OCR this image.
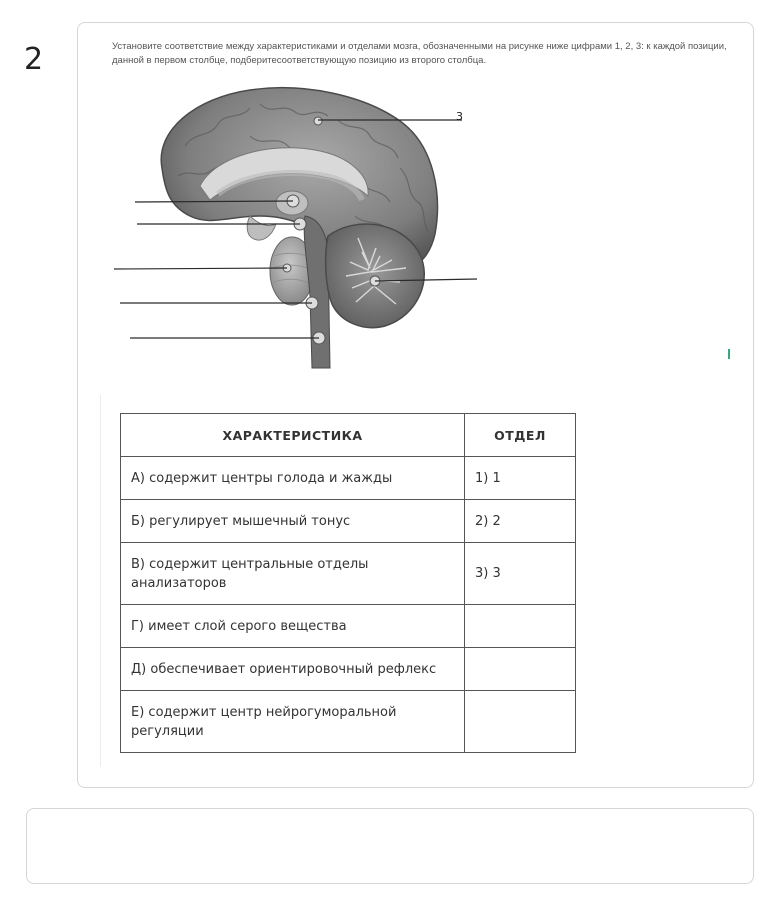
2	Установите соответствие между характеристиками и отделами мозга, обозначенными на рисунке ниже цифрами 1, 2, 3: к каждой позиции, данной в первом столбце, подберитесоответствующую позицию из второго столбца.
3
ХАРАКТЕРИСТИКА	ОТДЕЛ
А) содержит центры голода и жажды	1) 1
Б) регулирует мышечный тонус	2) 2
В) содержит центральные отделы анализаторов	3) 3
Г) имеет слой серого вещества	
Д) обеспечивает ориентировочный рефлекс	
Е) содержит центр нейрогуморальной регуляции	
